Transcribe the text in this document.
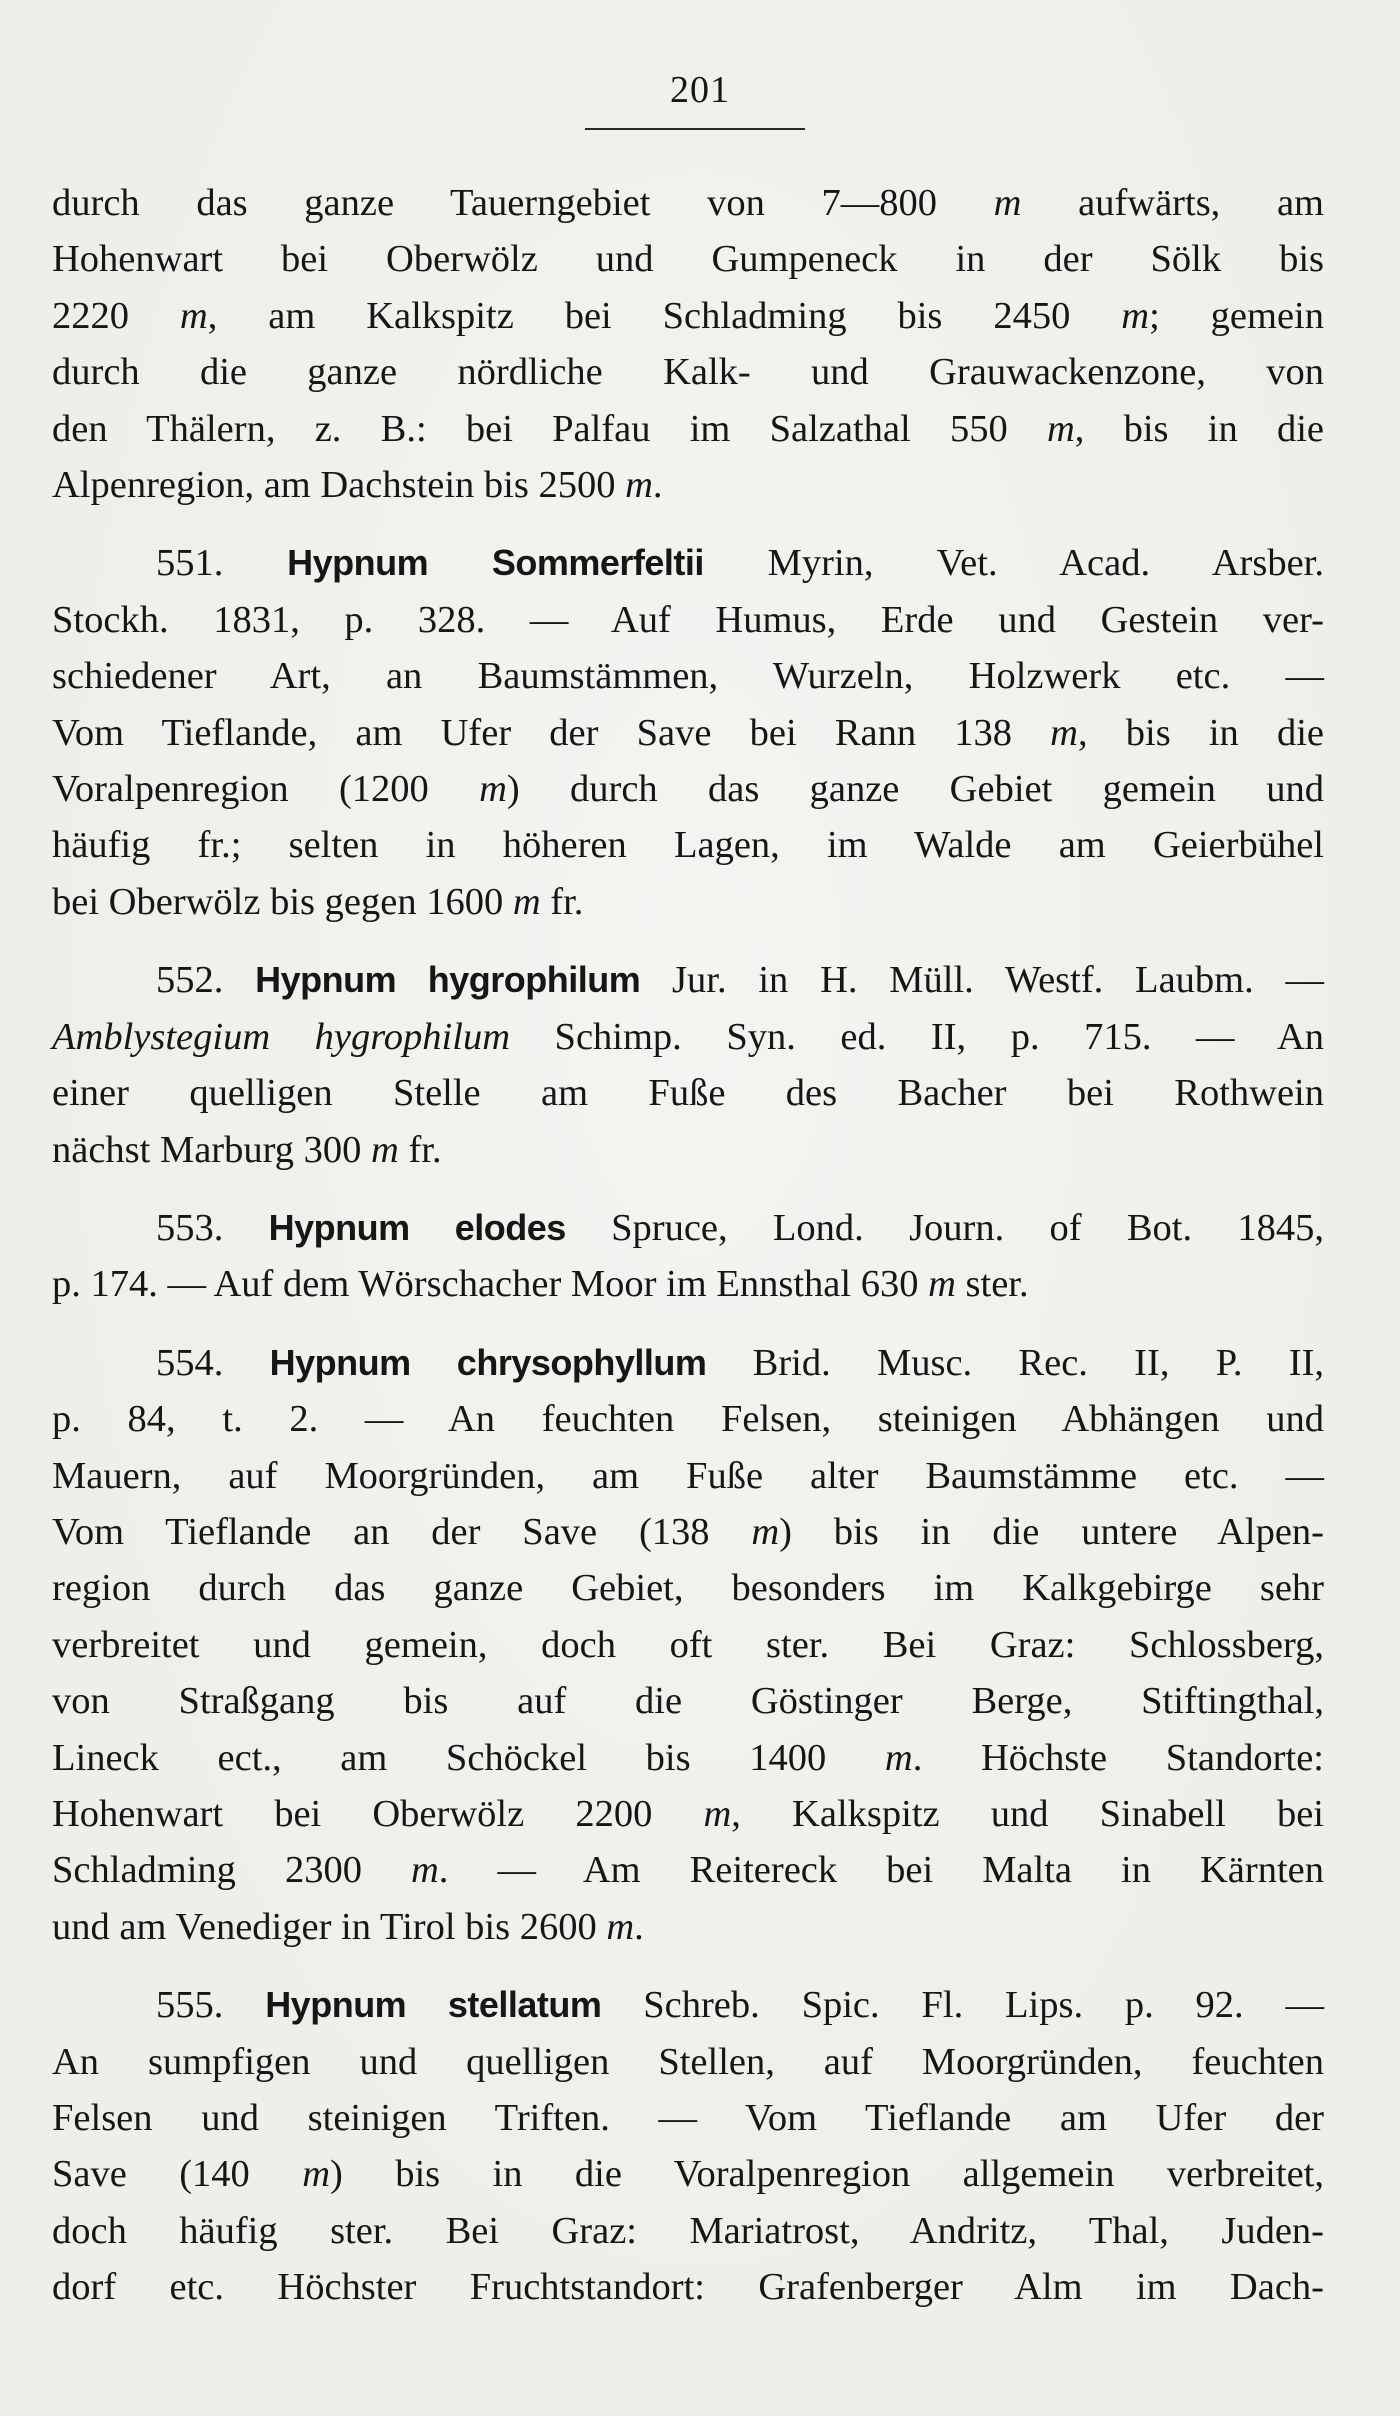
201
durch das ganze Tauerngebiet von 7—800 m aufwärts, am
Hohenwart bei Oberwölz und Gumpeneck in der Sölk bis
2220 m, am Kalkspitz bei Schladming bis 2450 m; gemein
durch die ganze nördliche Kalk- und Grauwackenzone, von
den Thälern, z. B.: bei Palfau im Salzathal 550 m, bis in die
Alpenregion, am Dachstein bis 2500 m.
551. Hypnum Sommerfeltii Myrin, Vet. Acad. Arsber.
Stockh. 1831, p. 328. — Auf Humus, Erde und Gestein ver-
schiedener Art, an Baumstämmen, Wurzeln, Holzwerk etc. —
Vom Tieflande, am Ufer der Save bei Rann 138 m, bis in die
Voralpenregion (1200 m) durch das ganze Gebiet gemein und
häufig fr.; selten in höheren Lagen, im Walde am Geierbühel
bei Oberwölz bis gegen 1600 m fr.
552. Hypnum hygrophilum Jur. in H. Müll. Westf. Laubm. —
Amblystegium hygrophilum Schimp. Syn. ed. II, p. 715. — An
einer quelligen Stelle am Fuße des Bacher bei Rothwein
nächst Marburg 300 m fr.
553. Hypnum elodes Spruce, Lond. Journ. of Bot. 1845,
p. 174. — Auf dem Wörschacher Moor im Ennsthal 630 m ster.
554. Hypnum chrysophyllum Brid. Musc. Rec. II, P. II,
p. 84, t. 2. — An feuchten Felsen, steinigen Abhängen und
Mauern, auf Moorgründen, am Fuße alter Baumstämme etc. —
Vom Tieflande an der Save (138 m) bis in die untere Alpen-
region durch das ganze Gebiet, besonders im Kalkgebirge sehr
verbreitet und gemein, doch oft ster. Bei Graz: Schlossberg,
von Straßgang bis auf die Göstinger Berge, Stiftingthal,
Lineck ect., am Schöckel bis 1400 m. Höchste Standorte:
Hohenwart bei Oberwölz 2200 m, Kalkspitz und Sinabell bei
Schladming 2300 m. — Am Reitereck bei Malta in Kärnten
und am Venediger in Tirol bis 2600 m.
555. Hypnum stellatum Schreb. Spic. Fl. Lips. p. 92. —
An sumpfigen und quelligen Stellen, auf Moorgründen, feuchten
Felsen und steinigen Triften. — Vom Tieflande am Ufer der
Save (140 m) bis in die Voralpenregion allgemein verbreitet,
doch häufig ster. Bei Graz: Mariatrost, Andritz, Thal, Juden-
dorf etc. Höchster Fruchtstandort: Grafenberger Alm im Dach-
